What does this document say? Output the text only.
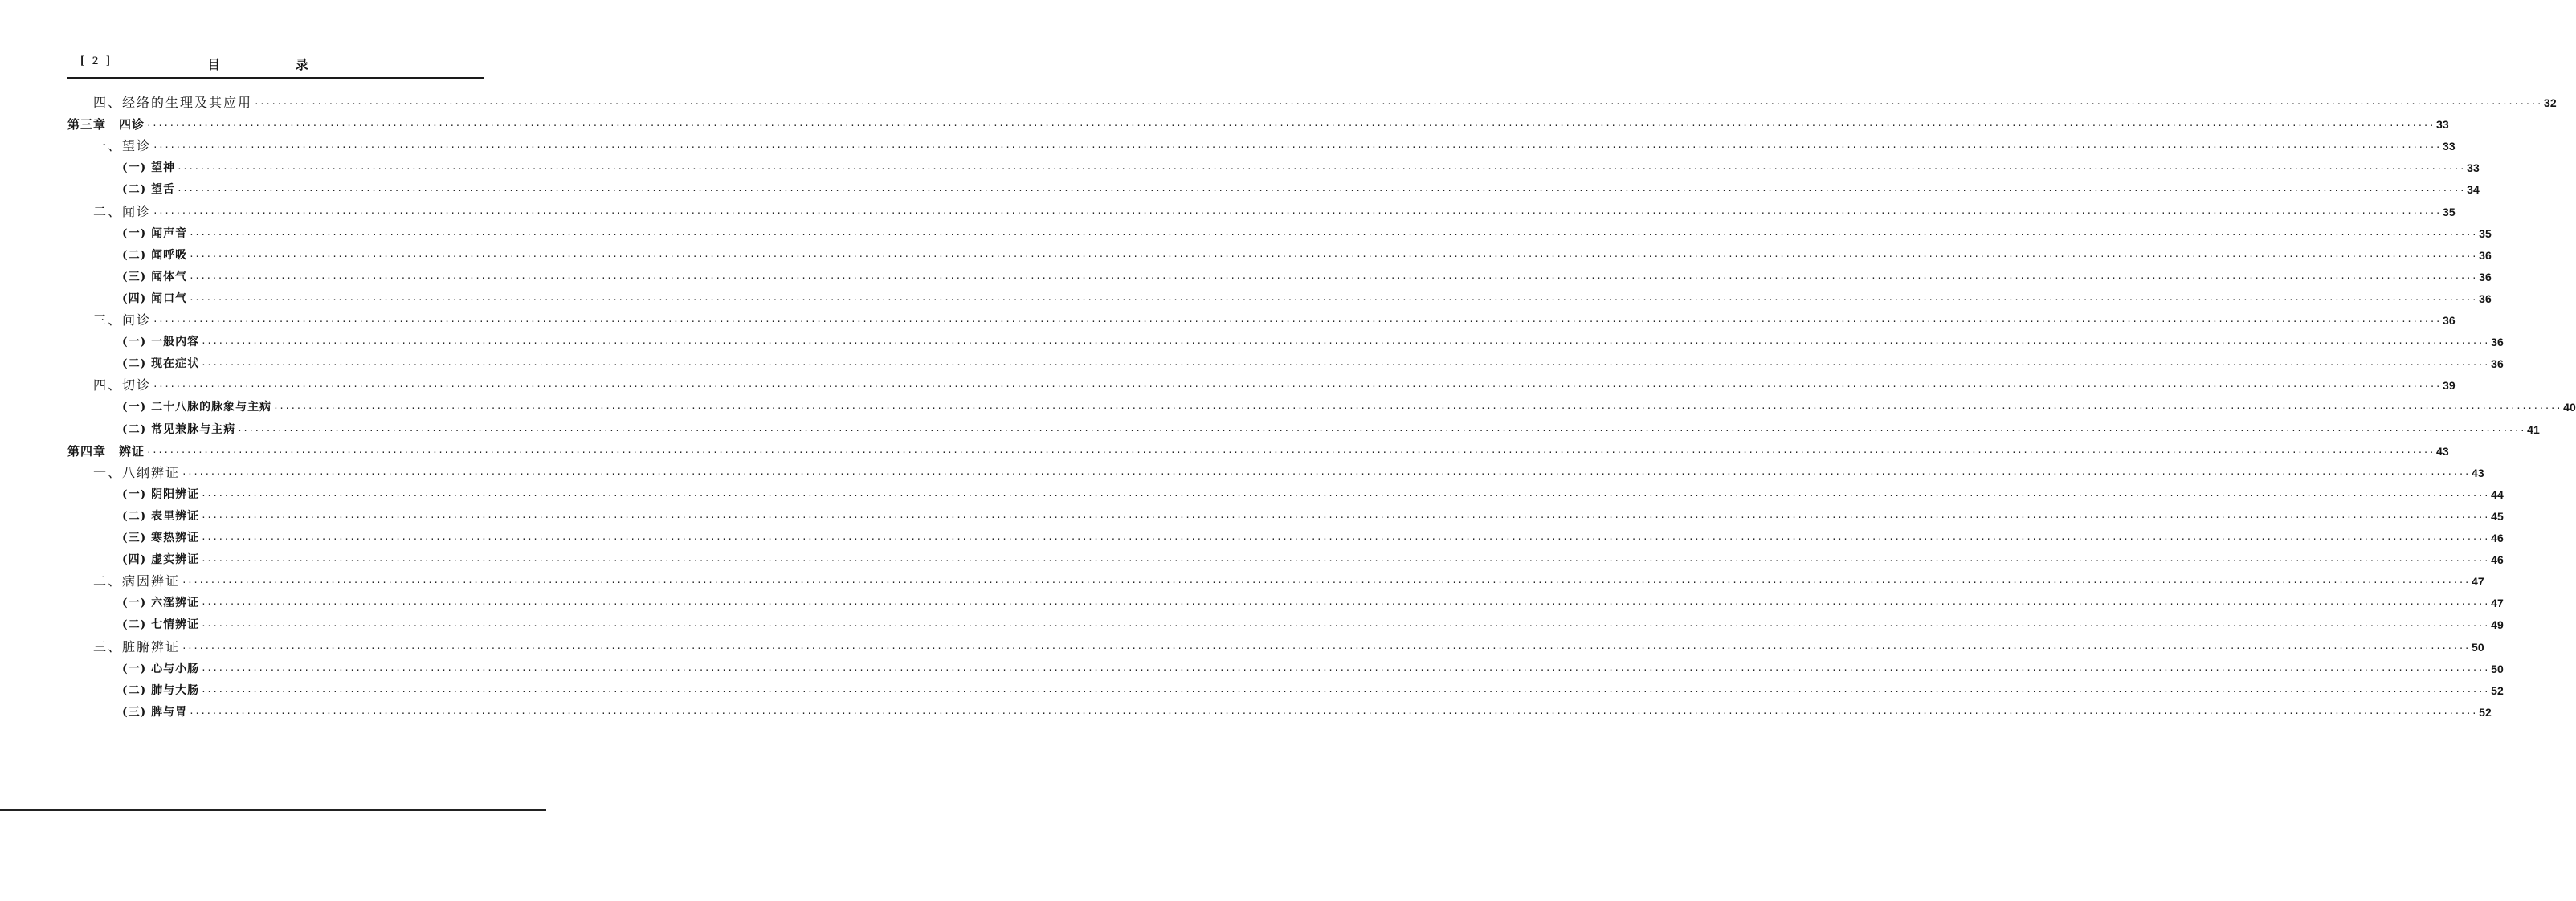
[ 2 ]	目 录
四、经络的生理及其应用 ················································································································································································································································································································································································································ 32
第三章　四诊 ················································································································································································································································································································································································································ 33
一、望诊 ················································································································································································································································································································································································································ 33
(一) 望神 ················································································································································································································································································································································································································ 33
(二) 望舌 ················································································································································································································································································································································································································ 34
二、闻诊 ················································································································································································································································································································································································································ 35
(一) 闻声音 ················································································································································································································································································································································································································ 35
(二) 闻呼吸 ················································································································································································································································································································································································································ 36
(三) 闻体气 ················································································································································································································································································································································································································ 36
(四) 闻口气 ················································································································································································································································································································································································································ 36
三、问诊 ················································································································································································································································································································································································································ 36
(一) 一般内容 ················································································································································································································································································································································································································ 36
(二) 现在症状 ················································································································································································································································································································································································································ 36
四、切诊 ················································································································································································································································································································································································································ 39
(一) 二十八脉的脉象与主病 ················································································································································································································································································································································································································ 40
(二) 常见兼脉与主病 ················································································································································································································································································································································································································ 41
第四章　辨证 ················································································································································································································································································································································································································ 43
一、八纲辨证 ················································································································································································································································································································································································································ 43
(一) 阴阳辨证 ················································································································································································································································································································································································································ 44
(二) 表里辨证 ················································································································································································································································································································································································································ 45
(三) 寒热辨证 ················································································································································································································································································································································································································ 46
(四) 虚实辨证 ················································································································································································································································································································································································································ 46
二、病因辨证 ················································································································································································································································································································································································································ 47
(一) 六淫辨证 ················································································································································································································································································································································································································ 47
(二) 七情辨证 ················································································································································································································································································································································································································ 49
三、脏腑辨证 ················································································································································································································································································································································································································ 50
(一) 心与小肠 ················································································································································································································································································································································································································ 50
(二) 肺与大肠 ················································································································································································································································································································································································································ 52
(三) 脾与胃 ················································································································································································································································································································································································································ 52
